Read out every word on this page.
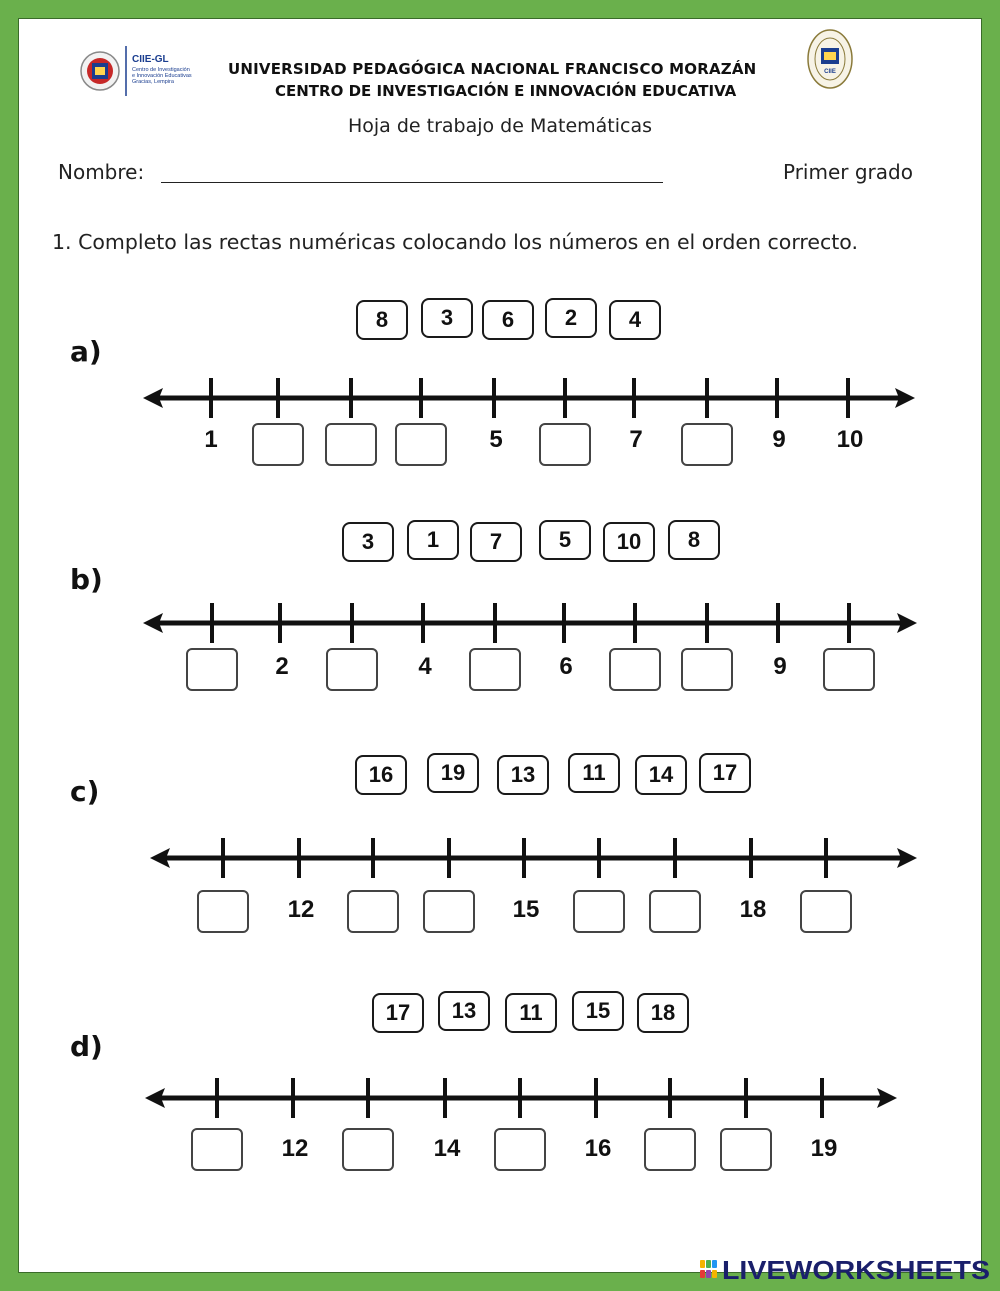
CIIE-GL
Centro de Investigación
e Innovación Educativas
Gracias, Lempira
CIIE
UNIVERSIDAD PEDAGÓGICA NACIONAL FRANCISCO MORAZÁN
CENTRO DE INVESTIGACIÓN E INNOVACIÓN EDUCATIVA
Hoja de trabajo de Matemáticas
Nombre:	Primer grado
1. Completo las rectas numéricas colocando los números en el orden correcto.
a)
8	3	6	2	4
1	5	7	9 10
b)
3	1	7	5	10	8
2	4	6	9
c)
16	19	13	11	14	17
12	15	18
d)
17	13	11	15	18
12	14	16	19
LIVEWORKSHEETS
